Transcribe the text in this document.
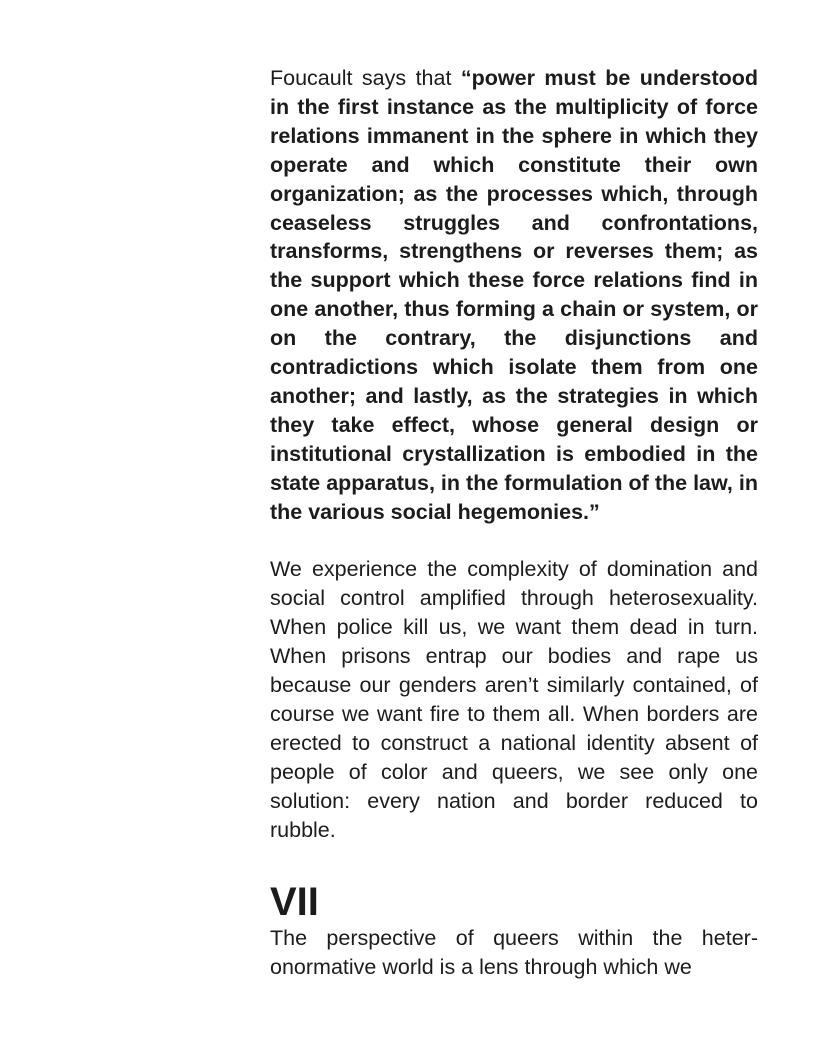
Foucault says that “power must be understood in the first instance as the multiplicity of force relations immanent in the sphere in which they operate and which constitute their own organization; as the processes which, through ceaseless struggles and confrontations, transforms, strengthens or reverses them; as the support which these force relations find in one another, thus forming a chain or system, or on the contrary, the disjunctions and contradictions which isolate them from one another; and lastly, as the strategies in which they take effect, whose general design or institutional crystallization is embodied in the state apparatus, in the formulation of the law, in the various social hegemonies.”

We experience the complexity of domination and social control amplified through heterosexuality. When police kill us, we want them dead in turn. When prisons entrap our bodies and rape us because our genders aren’t similarly contained, of course we want fire to them all. When borders are erected to construct a national identity absent of people of color and queers, we see only one solution: every nation and border reduced to rubble.

VII

The perspective of queers within the heteronormative world is a lens through which we
